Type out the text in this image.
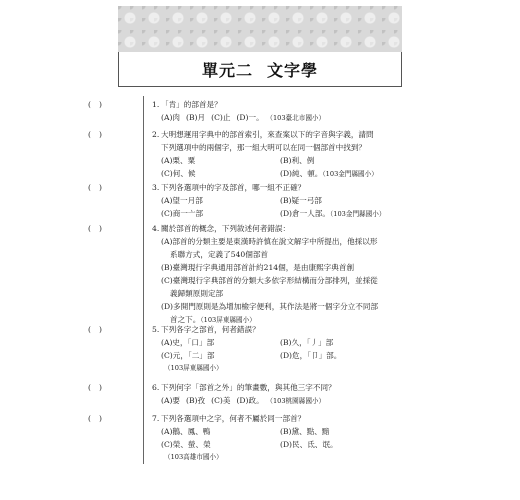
單元二 文字學
( )	1. 「肯」的部首是？
(A)肉 (B)月 (C)止 (D)一。 （103臺北市國小）
( )	2. 大明想運用字典中的部首索引，來查案以下的字音與字義，請問
下列選項中的兩個字，那一組大明可以在同一個部首中找到？
(A)栗、粟	(B)利、例
(C)何、候	(D)純、頓。（103金門縣國小）
( )	3. 下列各選項中的字及部首，哪一組不正確？
(A)望一月部	(B)疑一弓部
(C)商一亠部	(D)倉一人部。（103金門縣國小）
( )	4. 關於部首的概念，下列敘述何者錯誤：
(A)部首的分類主要是東漢時許慎在說文解字中所提出，他採以形
系聯方式，定義了540個部首
(B)臺灣現行字典通用部首計約214個，是由康熙字典首創
(C)臺灣現行字典部首的分類大多依字形結構而分部排列，並採從
義歸類原則定部
(D)多開門原則是為增加檢字便利，其作法是將一個字分立不同部
首之下。（103屏東縣國小）
( )	5. 下列各字之部首，何者錯誤？
(A)史，「口」部	(B)久，「丿」部
(C)元，「二」部	(D)危，「卩」部。
（103屏東縣國小）
( )	6. 下列何字「部首之外」的筆畫數，與其他三字不同？
(A)要 (B)孜 (C)美 (D)政。 （103桃園縣國小）
( )	7. 下列各選項中之字，何者不屬於同一部首？
(A)鵝、鳳、鴨	(B)黛、點、黯
(C)榮、螢、榮	(D)民、氐、氓。
（103高雄市國小）
